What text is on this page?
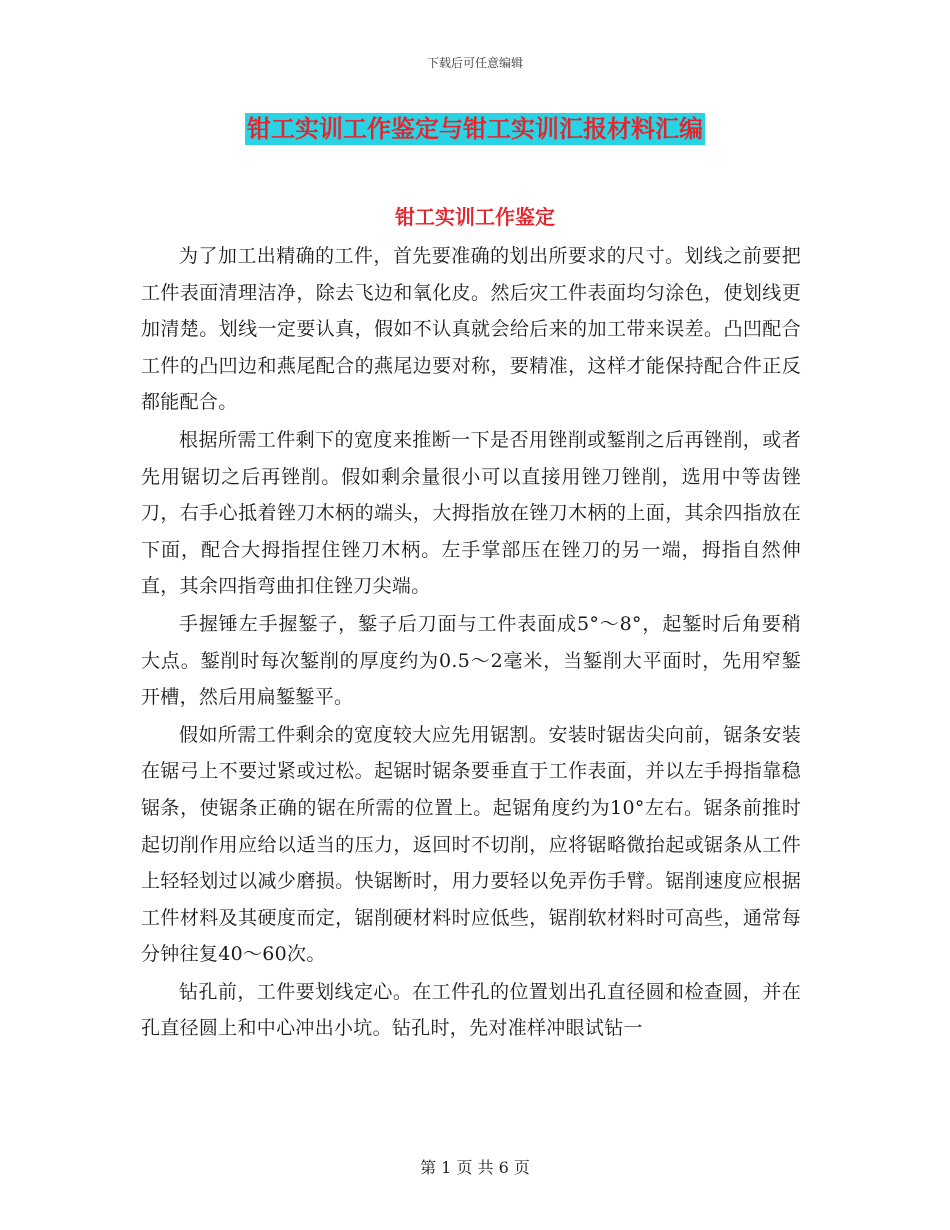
下载后可任意编辑
钳工实训工作鉴定与钳工实训汇报材料汇编
钳工实训工作鉴定

为了加工出精确的工件，首先要准确的划出所要求的尺寸。划线之前要把工件表面清理洁净，除去飞边和氧化皮。然后灾工件表面均匀涂色，使划线更加清楚。划线一定要认真，假如不认真就会给后来的加工带来误差。凸凹配合工件的凸凹边和燕尾配合的燕尾边要对称，要精准，这样才能保持配合件正反都能配合。

根据所需工件剩下的宽度来推断一下是否用锉削或錾削之后再锉削，或者先用锯切之后再锉削。假如剩余量很小可以直接用锉刀锉削，选用中等齿锉刀，右手心抵着锉刀木柄的端头，大拇指放在锉刀木柄的上面，其余四指放在下面，配合大拇指捏住锉刀木柄。左手掌部压在锉刀的另一端，拇指自然伸直，其余四指弯曲扣住锉刀尖端。

手握锤左手握錾子，錾子后刀面与工件表面成5°～8°，起錾时后角要稍大点。錾削时每次錾削的厚度约为0.5～2毫米，当錾削大平面时，先用窄錾开槽，然后用扁錾錾平。

假如所需工件剩余的宽度较大应先用锯割。安装时锯齿尖向前，锯条安装在锯弓上不要过紧或过松。起锯时锯条要垂直于工作表面，并以左手拇指靠稳锯条，使锯条正确的锯在所需的位置上。起锯角度约为10°左右。锯条前推时起切削作用应给以适当的压力，返回时不切削，应将锯略微抬起或锯条从工件上轻轻划过以减少磨损。快锯断时，用力要轻以免弄伤手臂。锯削速度应根据工件材料及其硬度而定，锯削硬材料时应低些，锯削软材料时可高些，通常每分钟往复40～60次。

钻孔前，工件要划线定心。在工件孔的位置划出孔直径圆和检查圆，并在孔直径圆上和中心冲出小坑。钻孔时，先对准样冲眼试钻一

第 1 页 共 6 页
